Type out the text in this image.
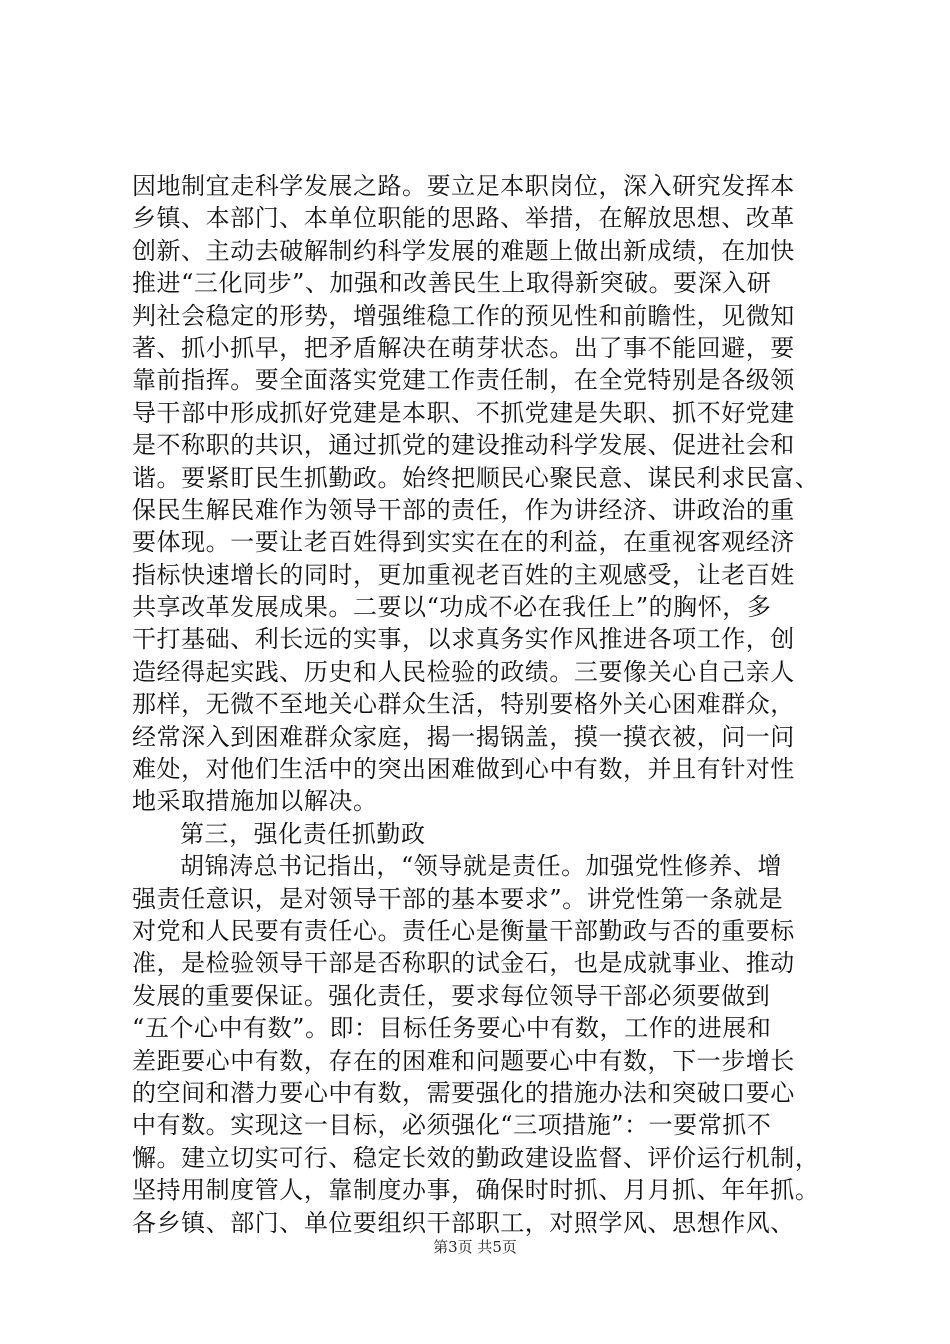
因地制宜走科学发展之路。要立足本职岗位，深入研究发挥本
乡镇、本部门、本单位职能的思路、举措，在解放思想、改革
创新、主动去破解制约科学发展的难题上做出新成绩，在加快
推进“三化同步”、加强和改善民生上取得新突破。要深入研
判社会稳定的形势，增强维稳工作的预见性和前瞻性，见微知
著、抓小抓早，把矛盾解决在萌芽状态。出了事不能回避，要
靠前指挥。要全面落实党建工作责任制，在全党特别是各级领
导干部中形成抓好党建是本职、不抓党建是失职、抓不好党建
是不称职的共识，通过抓党的建设推动科学发展、促进社会和
谐。要紧盯民生抓勤政。始终把顺民心聚民意、谋民利求民富、
保民生解民难作为领导干部的责任，作为讲经济、讲政治的重
要体现。一要让老百姓得到实实在在的利益，在重视客观经济
指标快速增长的同时，更加重视老百姓的主观感受，让老百姓
共享改革发展成果。二要以“功成不必在我任上”的胸怀，多
干打基础、利长远的实事，以求真务实作风推进各项工作，创
造经得起实践、历史和人民检验的政绩。三要像关心自己亲人
那样，无微不至地关心群众生活，特别要格外关心困难群众，
经常深入到困难群众家庭，揭一揭锅盖，摸一摸衣被，问一问
难处，对他们生活中的突出困难做到心中有数，并且有针对性
地采取措施加以解决。
第三，强化责任抓勤政
胡锦涛总书记指出，“领导就是责任。加强党性修养、增
强责任意识，是对领导干部的基本要求”。讲党性第一条就是
对党和人民要有责任心。责任心是衡量干部勤政与否的重要标
准，是检验领导干部是否称职的试金石，也是成就事业、推动
发展的重要保证。强化责任，要求每位领导干部必须要做到
“五个心中有数”。即：目标任务要心中有数，工作的进展和
差距要心中有数，存在的困难和问题要心中有数，下一步增长
的空间和潜力要心中有数，需要强化的措施办法和突破口要心
中有数。实现这一目标，必须强化“三项措施”：一要常抓不
懈。建立切实可行、稳定长效的勤政建设监督、评价运行机制，
坚持用制度管人，靠制度办事，确保时时抓、月月抓、年年抓。
各乡镇、部门、单位要组织干部职工，对照学风、思想作风、
第3页 共5页
